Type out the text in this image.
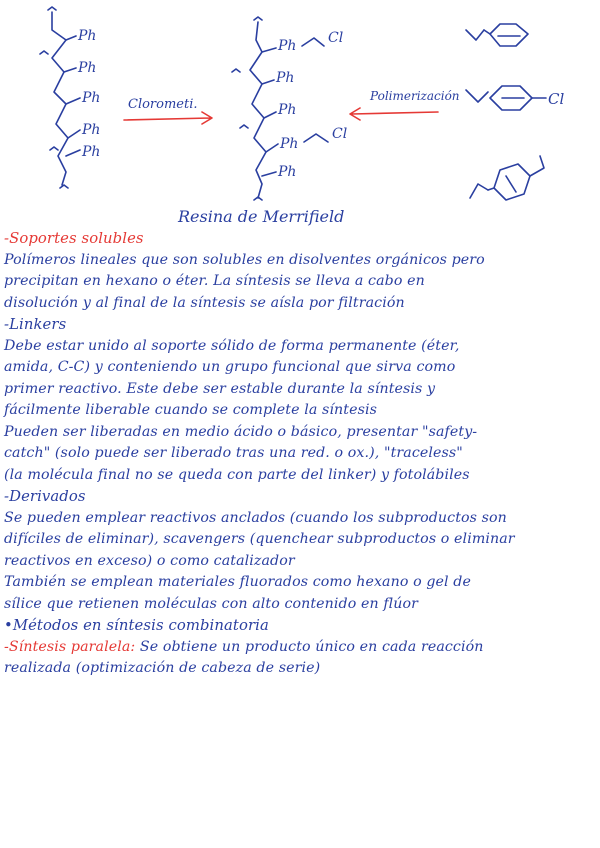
Ph
Ph
Ph
Ph
Ph
Clorometi.
Ph
Ph
Ph
Ph
Ph
Cl
Cl
Polimerización	Cl
Resina de Merrifield
-Soportes solubles
Polímeros lineales que son solubles en disolventes orgánicos pero
precipitan en hexano o éter. La síntesis se lleva a cabo en
disolución y al final de la síntesis se aísla por filtración
-Linkers
Debe estar unido al soporte sólido de forma permanente (éter,
amida, C-C) y conteniendo un grupo funcional que sirva como
primer reactivo. Este debe ser estable durante la síntesis y
fácilmente liberable cuando se complete la síntesis
Pueden ser liberadas en medio ácido o básico, presentar "safety-
catch" (solo puede ser liberado tras una red. o ox.), "traceless"
(la molécula final no se queda con parte del linker) y fotolábiles
-Derivados
Se pueden emplear reactivos anclados (cuando los subproductos son
difíciles de eliminar), scavengers (quenchear subproductos o eliminar
reactivos en exceso) o como catalizador
También se emplean materiales fluorados como hexano o gel de
sílice que retienen moléculas con alto contenido en flúor
•Métodos en síntesis combinatoria
-Síntesis paralela: Se obtiene un producto único en cada reacción
realizada (optimización de cabeza de serie)
